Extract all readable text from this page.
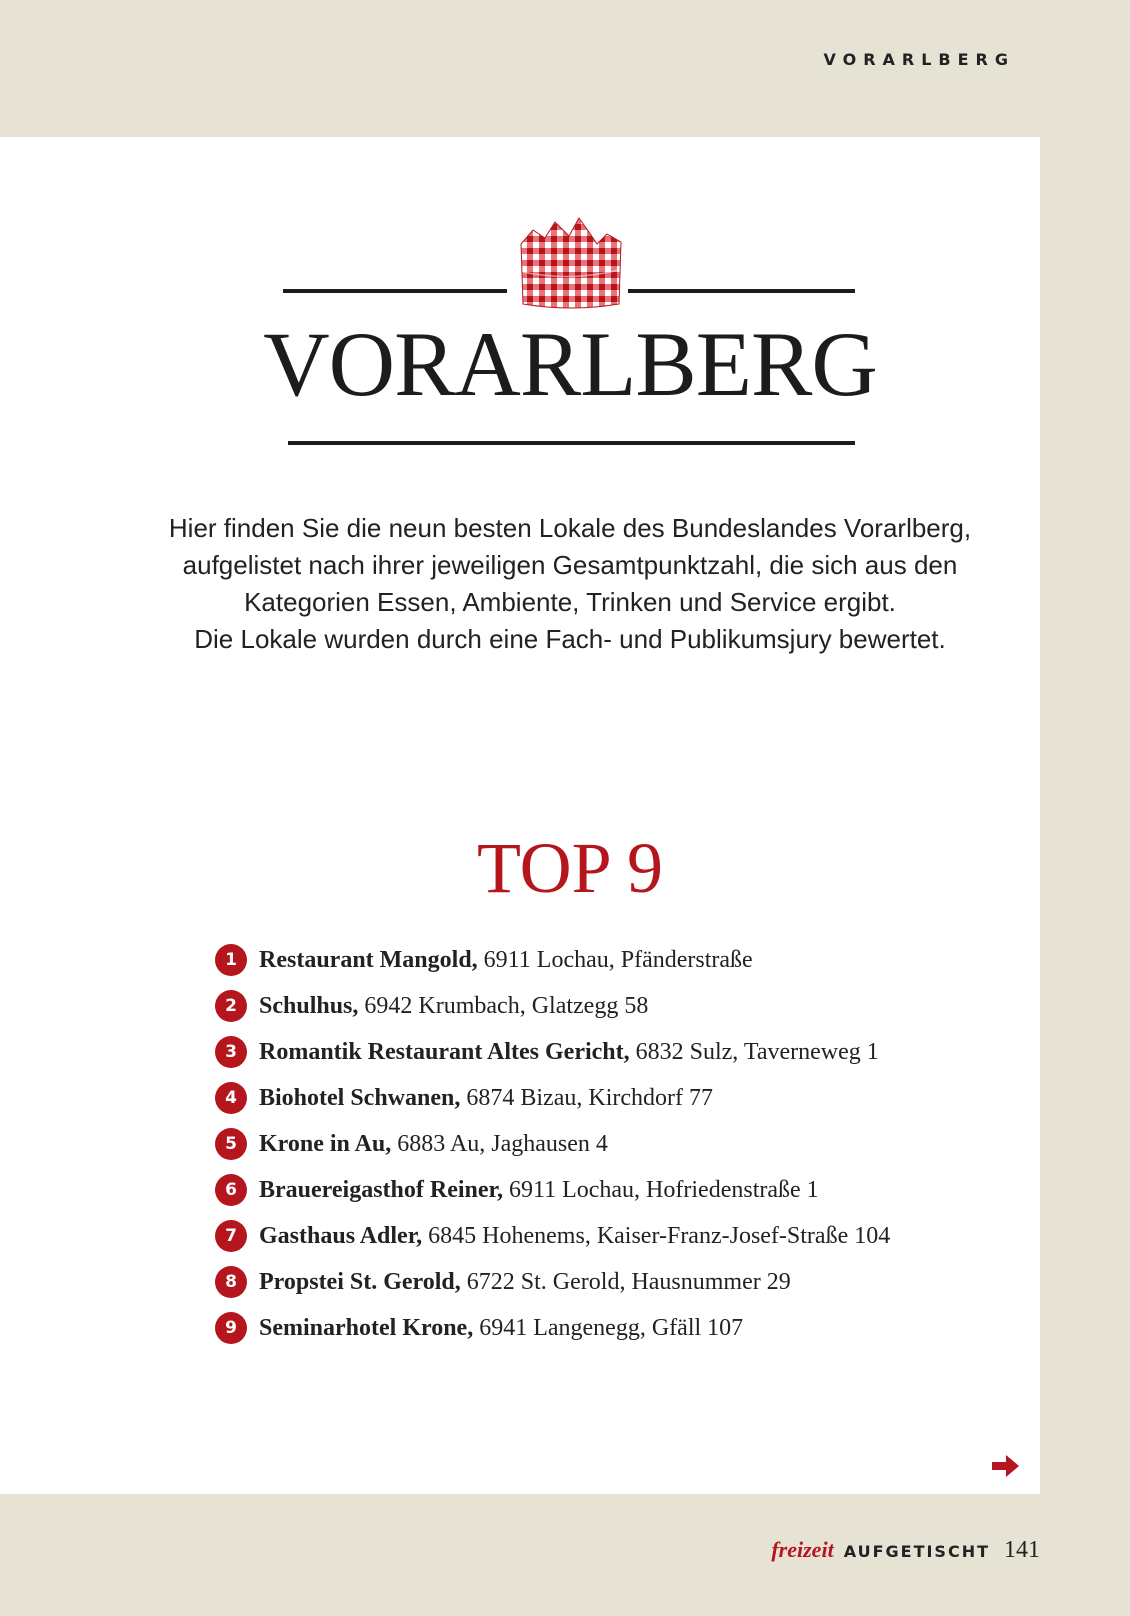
VORARLBERG
VORARLBERG
Hier finden Sie die neun besten Lokale des Bundeslandes Vorarlberg,
aufgelistet nach ihrer jeweiligen Gesamtpunktzahl, die sich aus den
Kategorien Essen, Ambiente, Trinken und Service ergibt.
Die Lokale wurden durch eine Fach- und Publikumsjury bewertet.
TOP 9
1 Restaurant Mangold, 6911 Lochau, Pfänderstraße
2 Schulhus, 6942 Krumbach, Glatzegg 58
3 Romantik Restaurant Altes Gericht, 6832 Sulz, Taverneweg 1
4 Biohotel Schwanen, 6874 Bizau, Kirchdorf 77
5 Krone in Au, 6883 Au, Jaghausen 4
6 Brauereigasthof Reiner, 6911 Lochau, Hofriedenstraße 1
7 Gasthaus Adler, 6845 Hohenems, Kaiser-Franz-Josef-Straße 104
8 Propstei St. Gerold, 6722 St. Gerold, Hausnummer 29
9 Seminarhotel Krone, 6941 Langenegg, Gfäll 107
freizeit AUFGETISCHT 141
